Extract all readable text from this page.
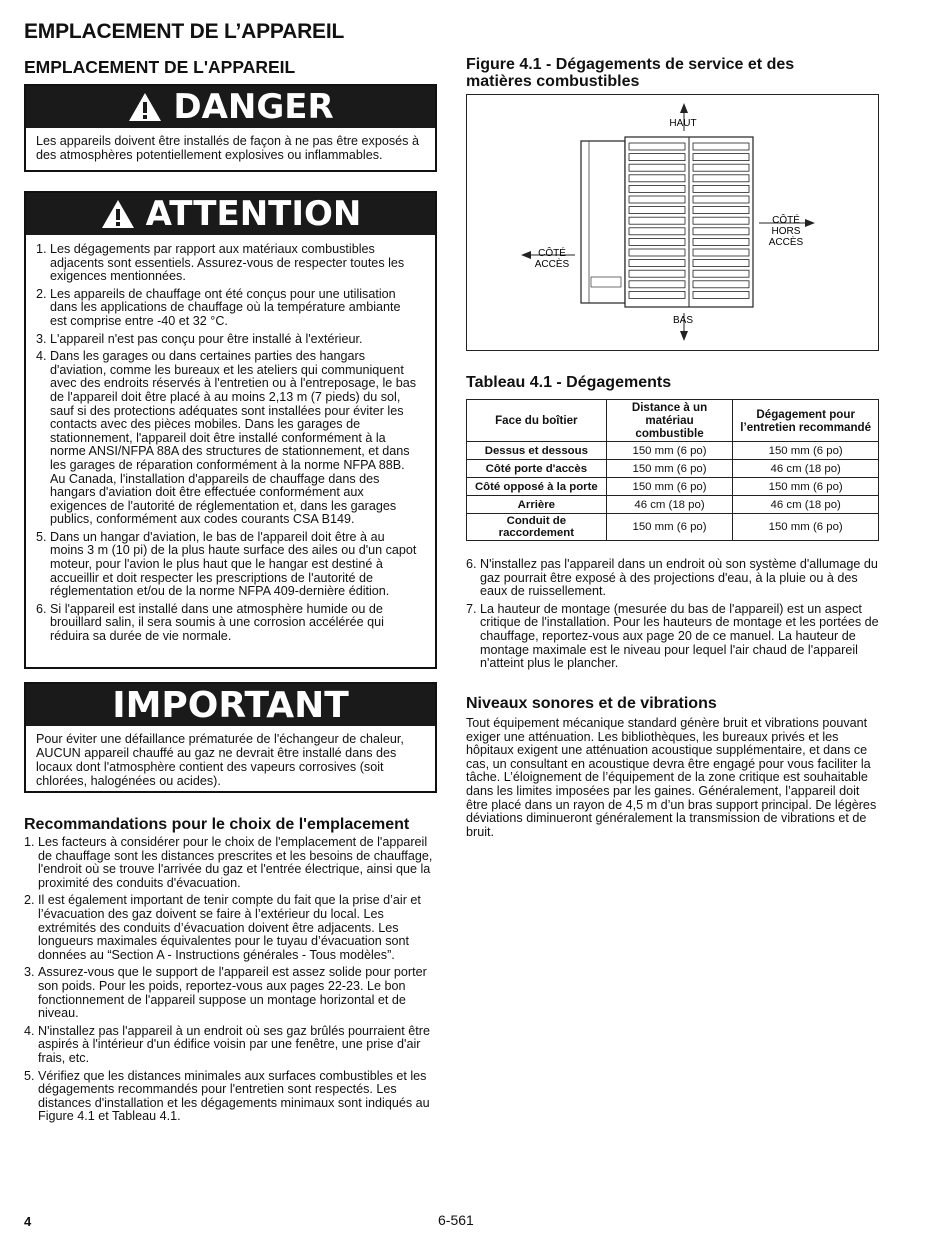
EMPLACEMENT DE L’APPAREIL
EMPLACEMENT DE L'APPAREIL
DANGER
Les appareils doivent être installés de façon à ne pas être exposés à des atmosphères potentiellement explosives ou inflammables.
ATTENTION
1. Les dégagements par rapport aux matériaux combustibles adjacents sont essentiels. Assurez-vous de respecter toutes les exigences mentionnées.
2. Les appareils de chauffage ont été conçus pour une utilisation dans les applications de chauffage où la température ambiante est comprise entre -40 et 32 °C.
3. L'appareil n'est pas conçu pour être installé à l'extérieur.
4. Dans les garages ou dans certaines parties des hangars d'aviation, comme les bureaux et les ateliers qui communiquent avec des endroits réservés à l'entretien ou à l'entreposage, le bas de l'appareil doit être placé à au moins 2,13 m (7 pieds) du sol, sauf si des protections adéquates sont installées pour éviter les contacts avec des pièces mobiles. Dans les garages de stationnement, l'appareil doit être installé conformément à la norme ANSI/NFPA 88A des structures de stationnement, et dans les garages de réparation conformément à la norme NFPA 88B. Au Canada, l'installation d'appareils de chauffage dans des hangars d'aviation doit être effectuée conformément aux exigences de l'autorité de réglementation et, dans les garages publics, conformément aux codes courants CSA B149.
5. Dans un hangar d'aviation, le bas de l'appareil doit être à au moins 3 m (10 pi) de la plus haute surface des ailes ou d'un capot moteur, pour l'avion le plus haut que le hangar est destiné à accueillir et doit respecter les prescriptions de l'autorité de réglementation et/ou de la norme NFPA 409-dernière édition.
6. Si l'appareil est installé dans une atmosphère humide ou de brouillard salin, il sera soumis à une corrosion accélérée qui réduira sa durée de vie normale.
IMPORTANT
Pour éviter une défaillance prématurée de l'échangeur de chaleur, AUCUN appareil chauffé au gaz ne devrait être installé dans des locaux dont l'atmosphère contient des vapeurs corrosives (soit chlorées, halogénées ou acides).
Recommandations pour le choix de l'emplacement
1. Les facteurs à considérer pour le choix de l'emplacement de l'appareil de chauffage sont les distances prescrites et les besoins de chauffage, l'endroit où se trouve l'arrivée du gaz et l'entrée électrique, ainsi que la proximité des conduits d'évacuation.
2. Il est également important de tenir compte du fait que la prise d’air et l’évacuation des gaz doivent se faire à l’extérieur du local. Les extrémités des conduits d’évacuation doivent être adjacents. Les longueurs maximales équivalentes pour le tuyau d’évacuation sont données au “Section A - Instructions générales - Tous modèles”.
3. Assurez-vous que le support de l'appareil est assez solide pour porter son poids. Pour les poids, reportez-vous aux pages 22-23. Le bon fonctionnement de l'appareil suppose un montage horizontal et de niveau.
4. N'installez pas l'appareil à un endroit où ses gaz brûlés pourraient être aspirés à l'intérieur d'un édifice voisin par une fenêtre, une prise d'air frais, etc.
5. Vérifiez que les distances minimales aux surfaces combustibles et les dégagements recommandés pour l'entretien sont respectés. Les distances d'installation et les dégagements minimaux sont indiqués au Figure 4.1 et Tableau 4.1.
Figure 4.1 - Dégagements de service et des matières combustibles
HAUT
BAS
CÔTÉ
ACCÈS
CÔTÉ
HORS
ACCÈS
Tableau 4.1 - Dégagements
Face du boîtier	Distance à un matériau combustible	Dégagement pour l’entretien recommandé
Dessus et dessous	150 mm (6 po)	150 mm (6 po)
Côté porte d'accès	150 mm (6 po)	46 cm (18 po)
Côté opposé à la porte	150 mm (6 po)	150 mm (6 po)
Arrière	46 cm (18 po)	46 cm (18 po)
Conduit de raccordement	150 mm (6 po)	150 mm (6 po)
6. N'installez pas l'appareil dans un endroit où son système d'allumage du gaz pourrait être exposé à des projections d'eau, à la pluie ou à des eaux de ruissellement.
7. La hauteur de montage (mesurée du bas de l'appareil) est un aspect critique de l'installation. Pour les hauteurs de montage et les portées de chauffage, reportez-vous aux page 20 de ce manuel. La hauteur de montage maximale est le niveau pour lequel l'air chaud de l'appareil n'atteint plus le plancher.
Niveaux sonores et de vibrations
Tout équipement mécanique standard génère bruit et vibrations pouvant exiger une atténuation. Les bibliothèques, les bureaux privés et les hôpitaux exigent une atténuation acoustique supplémentaire, et dans ce cas, un consultant en acoustique devra être engagé pour vous faciliter la tâche. L’éloignement de l’équipement de la zone critique est souhaitable dans les limites imposées par les gaines. Généralement, l’appareil doit être placé dans un rayon de 4,5 m d’un bras support principal. De légères déviations diminueront généralement la transmission de vibrations et de bruit.
4	6-561
